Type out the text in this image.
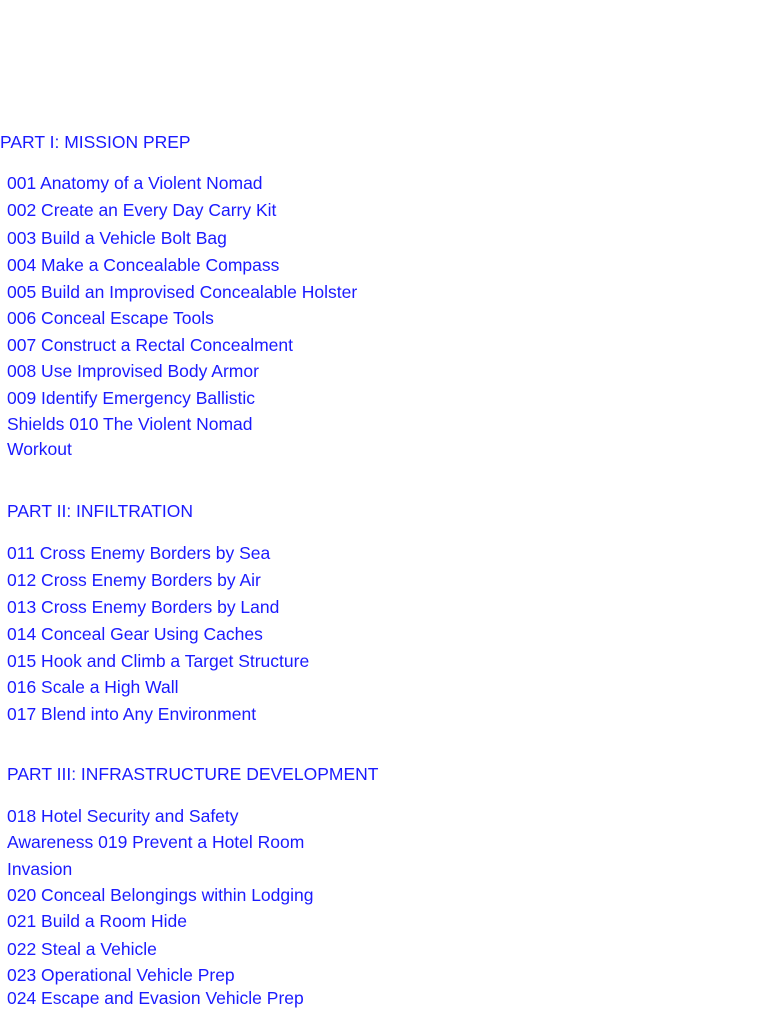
PART I: MISSION PREP
001 Anatomy of a Violent Nomad
002 Create an Every Day Carry Kit
003 Build a Vehicle Bolt Bag
004 Make a Concealable Compass
005 Build an Improvised Concealable Holster
006 Conceal Escape Tools
007 Construct a Rectal Concealment
008 Use Improvised Body Armor
009 Identify Emergency Ballistic
Shields 010 The Violent Nomad
Workout
PART II: INFILTRATION
011 Cross Enemy Borders by Sea
012 Cross Enemy Borders by Air
013 Cross Enemy Borders by Land
014 Conceal Gear Using Caches
015 Hook and Climb a Target Structure
016 Scale a High Wall
017 Blend into Any Environment
PART III: INFRASTRUCTURE DEVELOPMENT
018 Hotel Security and Safety
Awareness 019 Prevent a Hotel Room
Invasion
020 Conceal Belongings within Lodging
021 Build a Room Hide
022 Steal a Vehicle
023 Operational Vehicle Prep
024 Escape and Evasion Vehicle Prep
